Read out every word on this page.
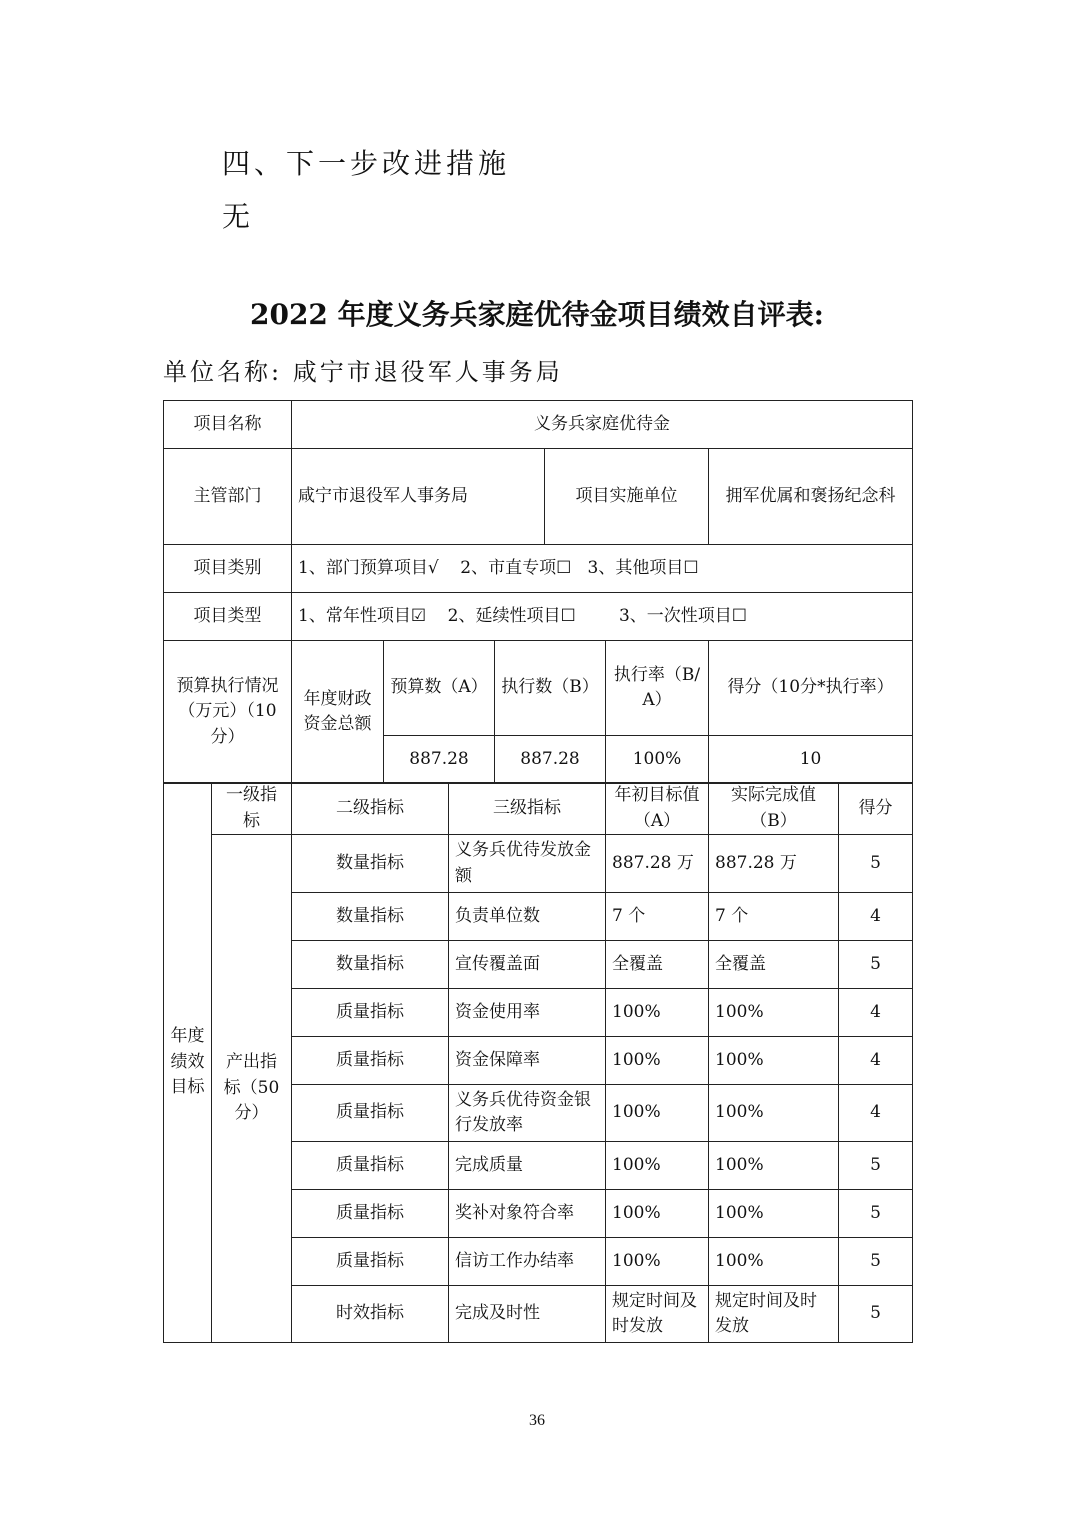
四、下一步改进措施
无
2022 年度义务兵家庭优待金项目绩效自评表:
单位名称: 咸宁市退役军人事务局
项目名称	义务兵家庭优待金					
主管部门	咸宁市退役军人事务局			项目实施单位		拥军优属和褒扬纪念科
项目类别	1、部门预算项目√    2、市直专项☐   3、其他项目☐					
项目类型	1、常年性项目☑    2、延续性项目☐        3、一次性项目☐					
预算执行情况（万元）（10分）	年度财政资金总额	预算数（A）	执行数（B）		执行率（B/A）	得分（10分*执行率）
		887.28	887.28		100%	10
年度绩效目标	一级指标	二级指标	三级指标	年初目标值（A）	实际完成值（B）	得分
	产出指标（50分）	数量指标	义务兵优待发放金额	887.28 万	887.28 万	5
		数量指标	负责单位数	7 个	7 个	4
		数量指标	宣传覆盖面	全覆盖	全覆盖	5
		质量指标	资金使用率	100%	100%	4
		质量指标	资金保障率	100%	100%	4
		质量指标	义务兵优待资金银行发放率	100%	100%	4
		质量指标	完成质量	100%	100%	5
		质量指标	奖补对象符合率	100%	100%	5
		质量指标	信访工作办结率	100%	100%	5
		时效指标	完成及时性	规定时间及时发放	规定时间及时发放	5
36
